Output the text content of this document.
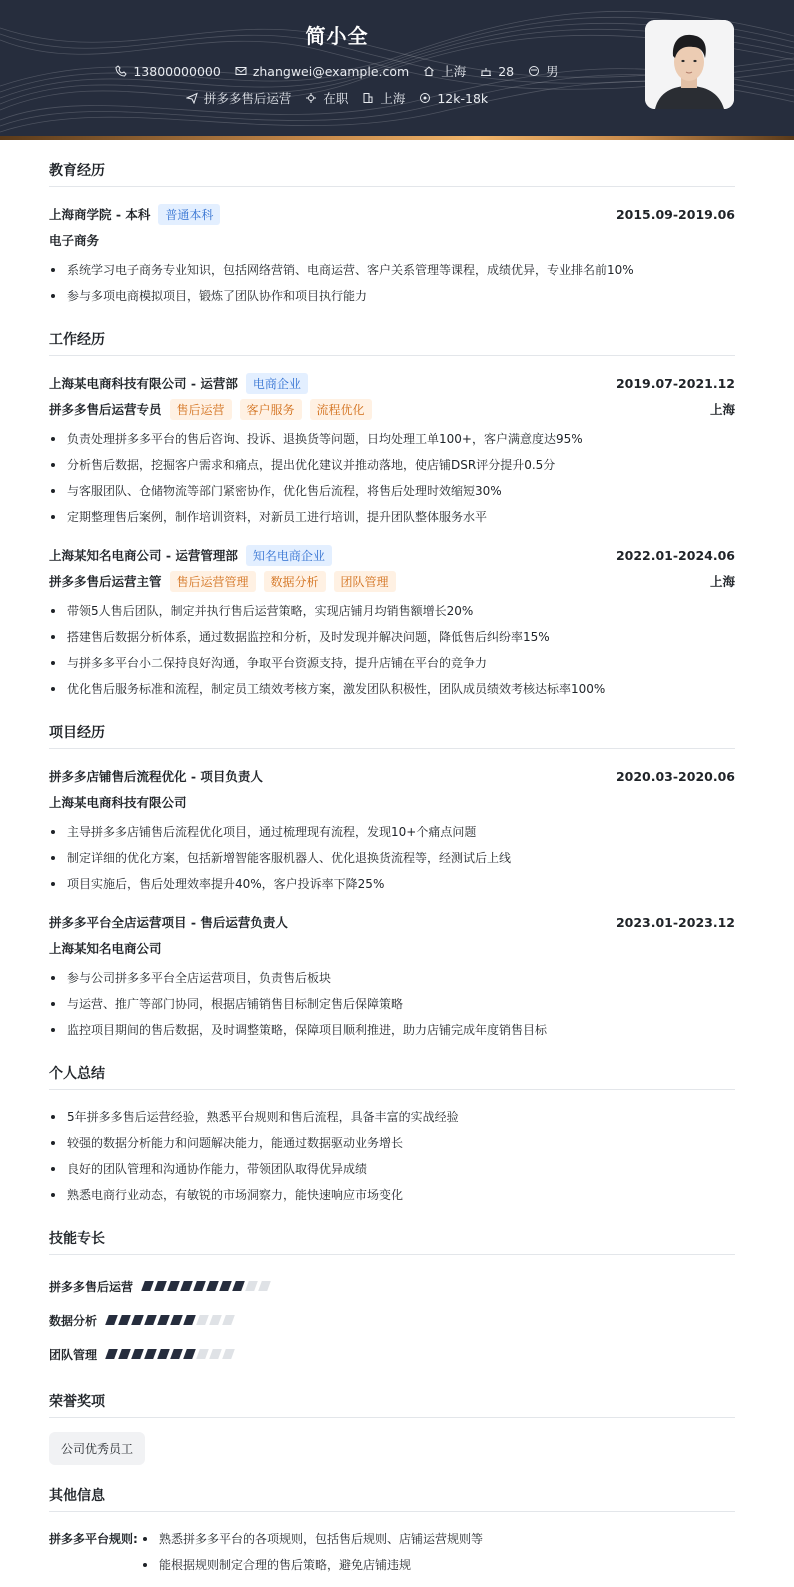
简小全
13800000000	zhangwei@example.com	上海	28	男
拼多多售后运营	在职	上海	12k-18k
教育经历
上海商学院 - 本科	普通本科	2015.09-2019.06
电子商务
系统学习电子商务专业知识，包括网络营销、电商运营、客户关系管理等课程，成绩优异，专业排名前10%
参与多项电商模拟项目，锻炼了团队协作和项目执行能力
工作经历
上海某电商科技有限公司 - 运营部	电商企业	2019.07-2021.12
拼多多售后运营专员	售后运营	客户服务	流程优化	上海
负责处理拼多多平台的售后咨询、投诉、退换货等问题，日均处理工单100+，客户满意度达95%
分析售后数据，挖掘客户需求和痛点，提出优化建议并推动落地，使店铺DSR评分提升0.5分
与客服团队、仓储物流等部门紧密协作，优化售后流程，将售后处理时效缩短30%
定期整理售后案例，制作培训资料，对新员工进行培训，提升团队整体服务水平
上海某知名电商公司 - 运营管理部	知名电商企业	2022.01-2024.06
拼多多售后运营主管	售后运营管理	数据分析	团队管理	上海
带领5人售后团队，制定并执行售后运营策略，实现店铺月均销售额增长20%
搭建售后数据分析体系，通过数据监控和分析，及时发现并解决问题，降低售后纠纷率15%
与拼多多平台小二保持良好沟通，争取平台资源支持，提升店铺在平台的竞争力
优化售后服务标准和流程，制定员工绩效考核方案，激发团队积极性，团队成员绩效考核达标率100%
项目经历
拼多多店铺售后流程优化 - 项目负责人	2020.03-2020.06
上海某电商科技有限公司
主导拼多多店铺售后流程优化项目，通过梳理现有流程，发现10+个痛点问题
制定详细的优化方案，包括新增智能客服机器人、优化退换货流程等，经测试后上线
项目实施后，售后处理效率提升40%，客户投诉率下降25%
拼多多平台全店运营项目 - 售后运营负责人	2023.01-2023.12
上海某知名电商公司
参与公司拼多多平台全店运营项目，负责售后板块
与运营、推广等部门协同，根据店铺销售目标制定售后保障策略
监控项目期间的售后数据，及时调整策略，保障项目顺利推进，助力店铺完成年度销售目标
个人总结
5年拼多多售后运营经验，熟悉平台规则和售后流程，具备丰富的实战经验
较强的数据分析能力和问题解决能力，能通过数据驱动业务增长
良好的团队管理和沟通协作能力，带领团队取得优异成绩
熟悉电商行业动态，有敏锐的市场洞察力，能快速响应市场变化
技能专长
拼多多售后运营
数据分析
团队管理
荣誉奖项
公司优秀员工
其他信息
拼多多平台规则:	熟悉拼多多平台的各项规则，包括售后规则、店铺运营规则等
能根据规则制定合理的售后策略，避免店铺违规
